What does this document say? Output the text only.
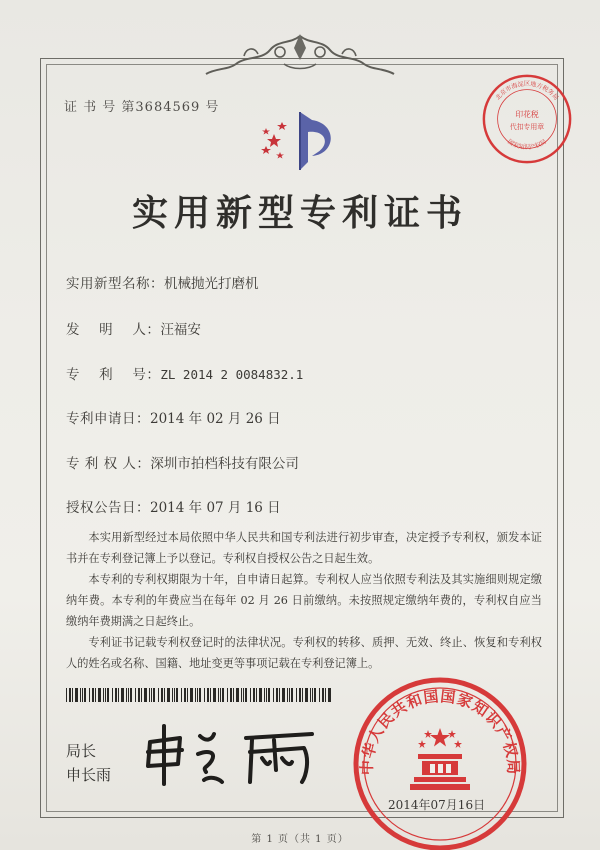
证 书 号 第3684569 号
北京市海淀区地方税务局
印花税
代扣专用章
国家知识产权局
实用新型专利证书
实用新型名称：机械抛光打磨机
发    明    人：汪福安
专    利    号：ZL 2014 2 0084832.1
专利申请日：2014 年 02 月 26 日
专 利 权 人：深圳市拍档科技有限公司
授权公告日：2014 年 07 月 16 日

本实用新型经过本局依照中华人民共和国专利法进行初步审查，决定授予专利权，颁发本证书并在专利登记簿上予以登记。专利权自授权公告之日起生效。

本专利的专利权期限为十年，自申请日起算。专利权人应当依照专利法及其实施细则规定缴纳年费。本专利的年费应当在每年 02 月 26 日前缴纳。未按照规定缴纳年费的，专利权自应当缴纳年费期满之日起终止。

专利证书记载专利权登记时的法律状况。专利权的转移、质押、无效、终止、恢复和专利权人的姓名或名称、国籍、地址变更等事项记载在专利登记簿上。

局长
申长雨	中华人民共和国国家知识产权局
2014年07月16日
第 1 页（共 1 页）
